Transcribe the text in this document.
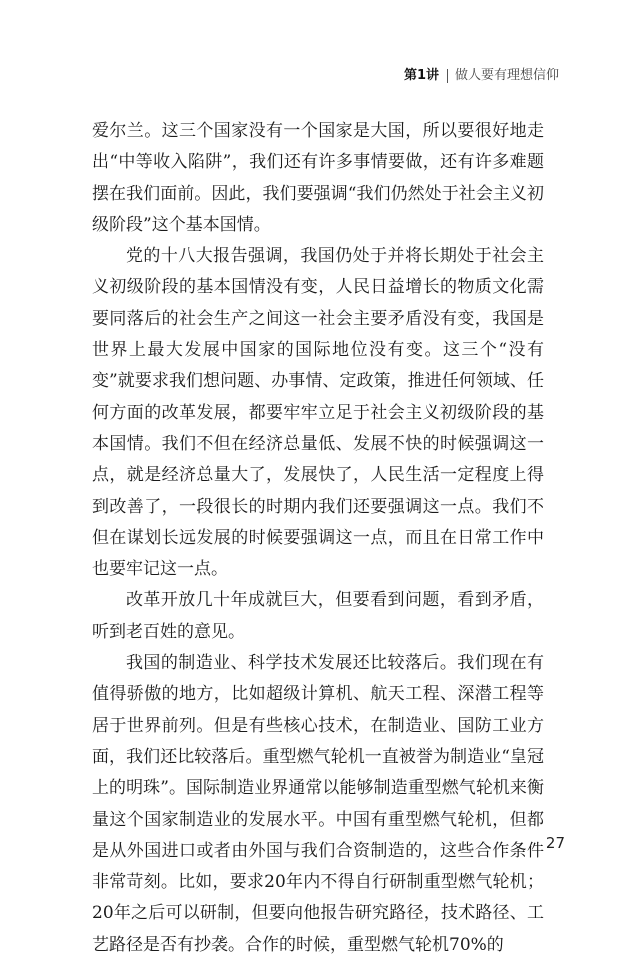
第1讲 做人要有理想信仰

爱尔兰。这三个国家没有一个国家是大国，所以要很好地走出“中等收入陷阱”，我们还有许多事情要做，还有许多难题摆在我们面前。因此，我们要强调“我们仍然处于社会主义初级阶段”这个基本国情。

党的十八大报告强调，我国仍处于并将长期处于社会主义初级阶段的基本国情没有变，人民日益增长的物质文化需要同落后的社会生产之间这一社会主要矛盾没有变，我国是世界上最大发展中国家的国际地位没有变。这三个“没有变”就要求我们想问题、办事情、定政策，推进任何领域、任何方面的改革发展，都要牢牢立足于社会主义初级阶段的基本国情。我们不但在经济总量低、发展不快的时候强调这一点，就是经济总量大了，发展快了，人民生活一定程度上得到改善了，一段很长的时期内我们还要强调这一点。我们不但在谋划长远发展的时候要强调这一点，而且在日常工作中也要牢记这一点。

改革开放几十年成就巨大，但要看到问题，看到矛盾，听到老百姓的意见。

我国的制造业、科学技术发展还比较落后。我们现在有值得骄傲的地方，比如超级计算机、航天工程、深潜工程等居于世界前列。但是有些核心技术，在制造业、国防工业方面，我们还比较落后。重型燃气轮机一直被誉为制造业“皇冠上的明珠”。国际制造业界通常以能够制造重型燃气轮机来衡量这个国家制造业的发展水平。中国有重型燃气轮机，但都是从外国进口或者由外国与我们合资制造的，这些合作条件非常苛刻。比如，要求20年内不得自行研制重型燃气轮机；20年之后可以研制，但要向他报告研究路径，技术路径、工艺路径是否有抄袭。合作的时候，重型燃气轮机70%的

27
